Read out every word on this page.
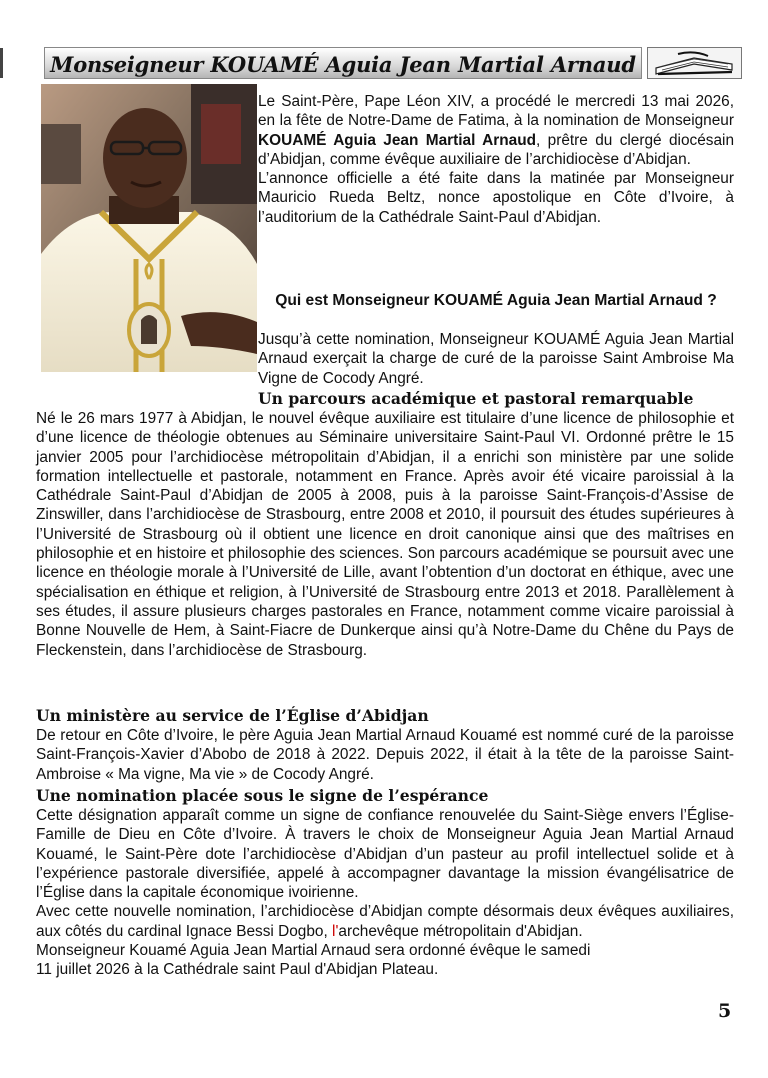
Monseigneur KOUAMÉ Aguia Jean Martial Arnaud

Le Saint-Père, Pape Léon XIV, a procédé le mercredi 13 mai 2026, en la fête de Notre-Dame de Fatima, à la nomination de Monseigneur KOUAMÉ Aguia Jean Martial Arnaud, prêtre du clergé diocésain d’Abidjan, comme évêque auxiliaire de l’archidiocèse d’Abidjan.

L’annonce officielle a été faite dans la matinée par Monseigneur Mauricio Rueda Beltz, nonce apostolique en Côte d’Ivoire, à l’auditorium de la Cathédrale Saint-Paul d’Abidjan.

Qui est Monseigneur KOUAMÉ Aguia Jean Martial Arnaud ?

Jusqu’à cette nomination, Monseigneur KOUAMÉ Aguia Jean Martial Arnaud exerçait la charge de curé de la paroisse Saint Ambroise Ma Vigne de Cocody Angré.

Un parcours académique et pastoral remarquable

Né le 26 mars 1977 à Abidjan, le nouvel évêque auxiliaire est titulaire d’une licence de philosophie et d’une licence de théologie obtenues au Séminaire universitaire Saint-Paul VI. Ordonné prêtre le 15 janvier 2005 pour l’archidiocèse métropolitain d’Abidjan, il a enrichi son ministère par une solide formation intellectuelle et pastorale, notamment en France. Après avoir été vicaire paroissial à la Cathédrale Saint-Paul d’Abidjan de 2005 à 2008, puis à la paroisse Saint-François-d’Assise de Zinswiller, dans l’archidiocèse de Strasbourg, entre 2008 et 2010, il poursuit des études supérieures à l’Université de Strasbourg où il obtient une licence en droit canonique ainsi que des maîtrises en philosophie et en histoire et philosophie des sciences. Son parcours académique se poursuit avec une licence en théologie morale à l’Université de Lille, avant l’obtention d’un doctorat en éthique, avec une spécialisation en éthique et religion, à l’Université de Strasbourg entre 2013 et 2018. Parallèlement à ses études, il assure plusieurs charges pastorales en France, notamment comme vicaire paroissial à Bonne Nouvelle de Hem, à Saint-Fiacre de Dunkerque ainsi qu’à Notre-Dame du Chêne du Pays de Fleckenstein, dans l’archidiocèse de Strasbourg.

Un ministère au service de l’Église d’Abidjan

De retour en Côte d’Ivoire, le père Aguia Jean Martial Arnaud Kouamé est nommé curé de la paroisse Saint-François-Xavier d’Abobo de 2018 à 2022. Depuis 2022, il était à la tête de la paroisse Saint-Ambroise « Ma vigne, Ma vie » de Cocody Angré.

Une nomination placée sous le signe de l’espérance

Cette désignation apparaît comme un signe de confiance renouvelée du Saint-Siège envers l’Église-Famille de Dieu en Côte d’Ivoire. À travers le choix de Monseigneur Aguia Jean Martial Arnaud Kouamé, le Saint-Père dote l’archidiocèse d’Abidjan d’un pasteur au profil intellectuel solide et à l’expérience pastorale diversifiée, appelé à accompagner davantage la mission évangélisatrice de l’Église dans la capitale économique ivoirienne.

Avec cette nouvelle nomination, l’archidiocèse d’Abidjan compte désormais deux évêques auxiliaires, aux côtés du cardinal Ignace Bessi Dogbo, l'archevêque métropolitain d'Abidjan.

Monseigneur Kouamé Aguia Jean Martial Arnaud sera ordonné évêque le samedi
11 juillet 2026 à la Cathédrale saint Paul d'Abidjan Plateau.
5
